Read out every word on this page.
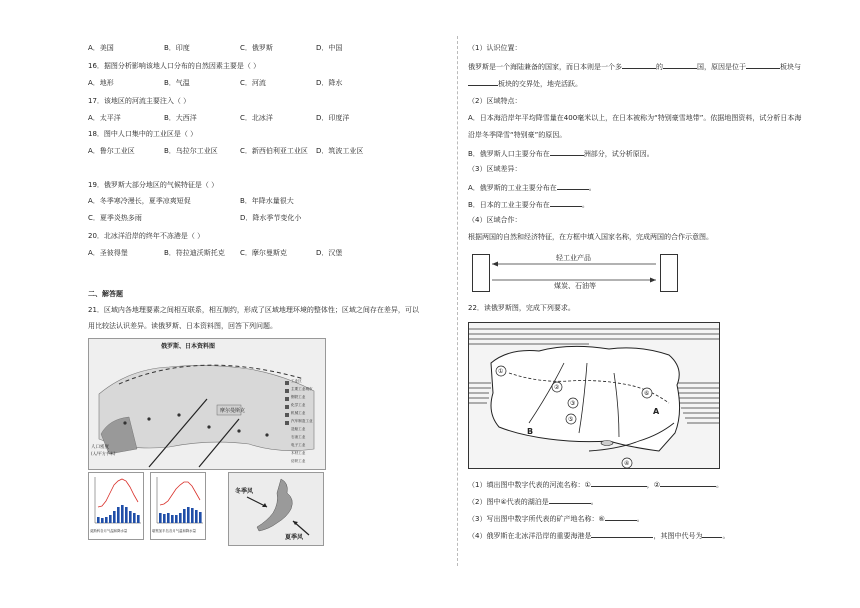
A．美国	B．印度	C．俄罗斯	D．中国
16．据图分析影响该地人口分布的自然因素主要是（ ）
A．地形	B．气温	C．河流	D．降水
17．该地区的河流主要注入（ ）
A．太平洋	B．大西洋	C．北冰洋	D．印度洋
18．图中人口集中的工业区是（ ）
A．鲁尔工业区	B．乌拉尔工业区	C．新西伯利亚工业区 D．筑波工业区
19．俄罗斯大部分地区的气候特征是（ ）
A．冬季寒冷漫长，夏季凉爽短促	B．年降水量很大
C．夏季炎热多雨	D．降水季节变化小
20．北冰洋沿岸的终年不冻港是（ ）
A．圣彼得堡	B．符拉迪沃斯托克 C．摩尔曼斯克	D．汉堡
二、解答题
21．区域内各地理要素之间相互联系，相互制约，形成了区域地理环境的整体性；区域之间存在差异，可以
用比较法认识差异。读俄罗斯、日本资料图，回答下列问题。
俄罗斯、日本资料图
摩尔曼斯克
人口密度
(人/平方千米)
工业区
主要工业城市
钢铁工业
化学工业
机械工业
汽车制造工业
造船工业
石油工业
电子工业
木材工业
纺织工业
莫斯科各月气温和降水量	堪察加半岛各月气温和降水量
冬季风
夏季风
（1）认识位置：
俄罗斯是一个海陆兼备的国家，而日本则是一个多	的	国，原因是位于	板块与
板块的交界处，地壳活跃。
（2）区域特点：
A．日本海沿岸年平均降雪量在400毫米以上，在日本被称为“特别豪雪地带”。依据地图资料，试分析日本海
沿岸冬季降雪“特别豪”的原因。
B．俄罗斯人口主要分布在	洲部分，试分析原因。
（3）区域差异：
A．俄罗斯的工业主要分布在	。
B．日本的工业主要分布在	。
（4）区域合作：
根据两国的自然和经济特征，在方框中填入国家名称，完成两国的合作示意图。
轻工业产品
煤炭、石油等
22．读俄罗斯图，完成下列要求。
①
②
③
④
⑤
⑥
A
B
（1）填出图中数字代表的河流名称：①	，②	。
（2）图中④代表的湖泊是	。
（3）写出图中数字所代表的矿产地名称：⑥	。
（4）俄罗斯在北冰洋沿岸的重要海港是	，其图中代号为	。
